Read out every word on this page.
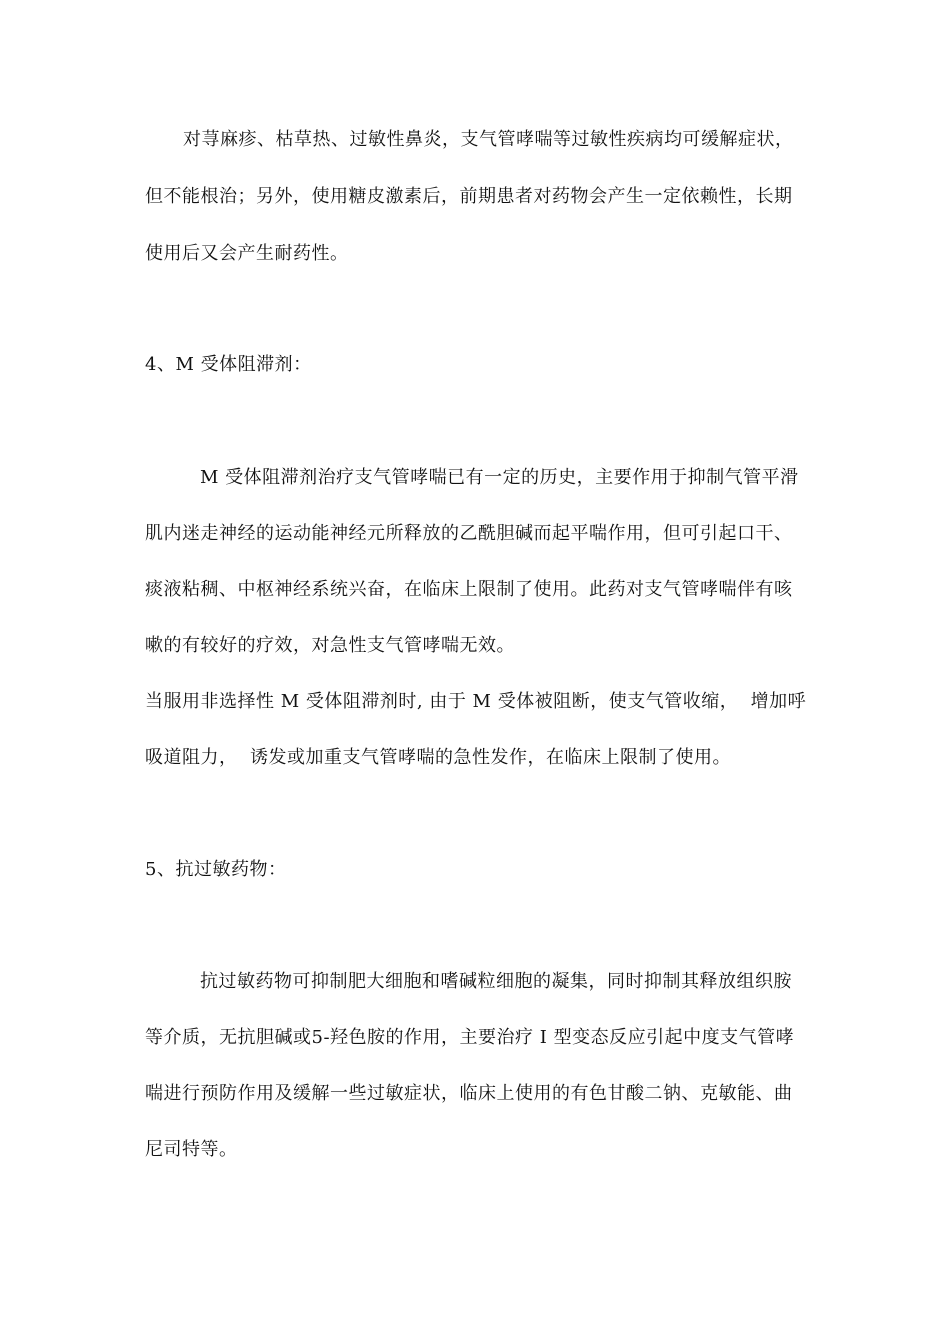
对荨麻疹、枯草热、过敏性鼻炎，支气管哮喘等过敏性疾病均可缓解症状，
但不能根治；另外，使用糖皮激素后，前期患者对药物会产生一定依赖性，长期
使用后又会产生耐药性。
4、M 受体阻滞剂：
M 受体阻滞剂治疗支气管哮喘已有一定的历史，主要作用于抑制气管平滑
肌内迷走神经的运动能神经元所释放的乙酰胆碱而起平喘作用，但可引起口干、
痰液粘稠、中枢神经系统兴奋，在临床上限制了使用。此药对支气管哮喘伴有咳
嗽的有较好的疗效，对急性支气管哮喘无效。
当服用非选择性 M 受体阻滞剂时, 由于 M 受体被阻断，使支气管收缩，  增加呼
吸道阻力，  诱发或加重支气管哮喘的急性发作，在临床上限制了使用。
5、抗过敏药物：
抗过敏药物可抑制肥大细胞和嗜碱粒细胞的凝集，同时抑制其释放组织胺
等介质，无抗胆碱或5-羟色胺的作用，主要治疗 I 型变态反应引起中度支气管哮
喘进行预防作用及缓解一些过敏症状，临床上使用的有色甘酸二钠、克敏能、曲
尼司特等。
